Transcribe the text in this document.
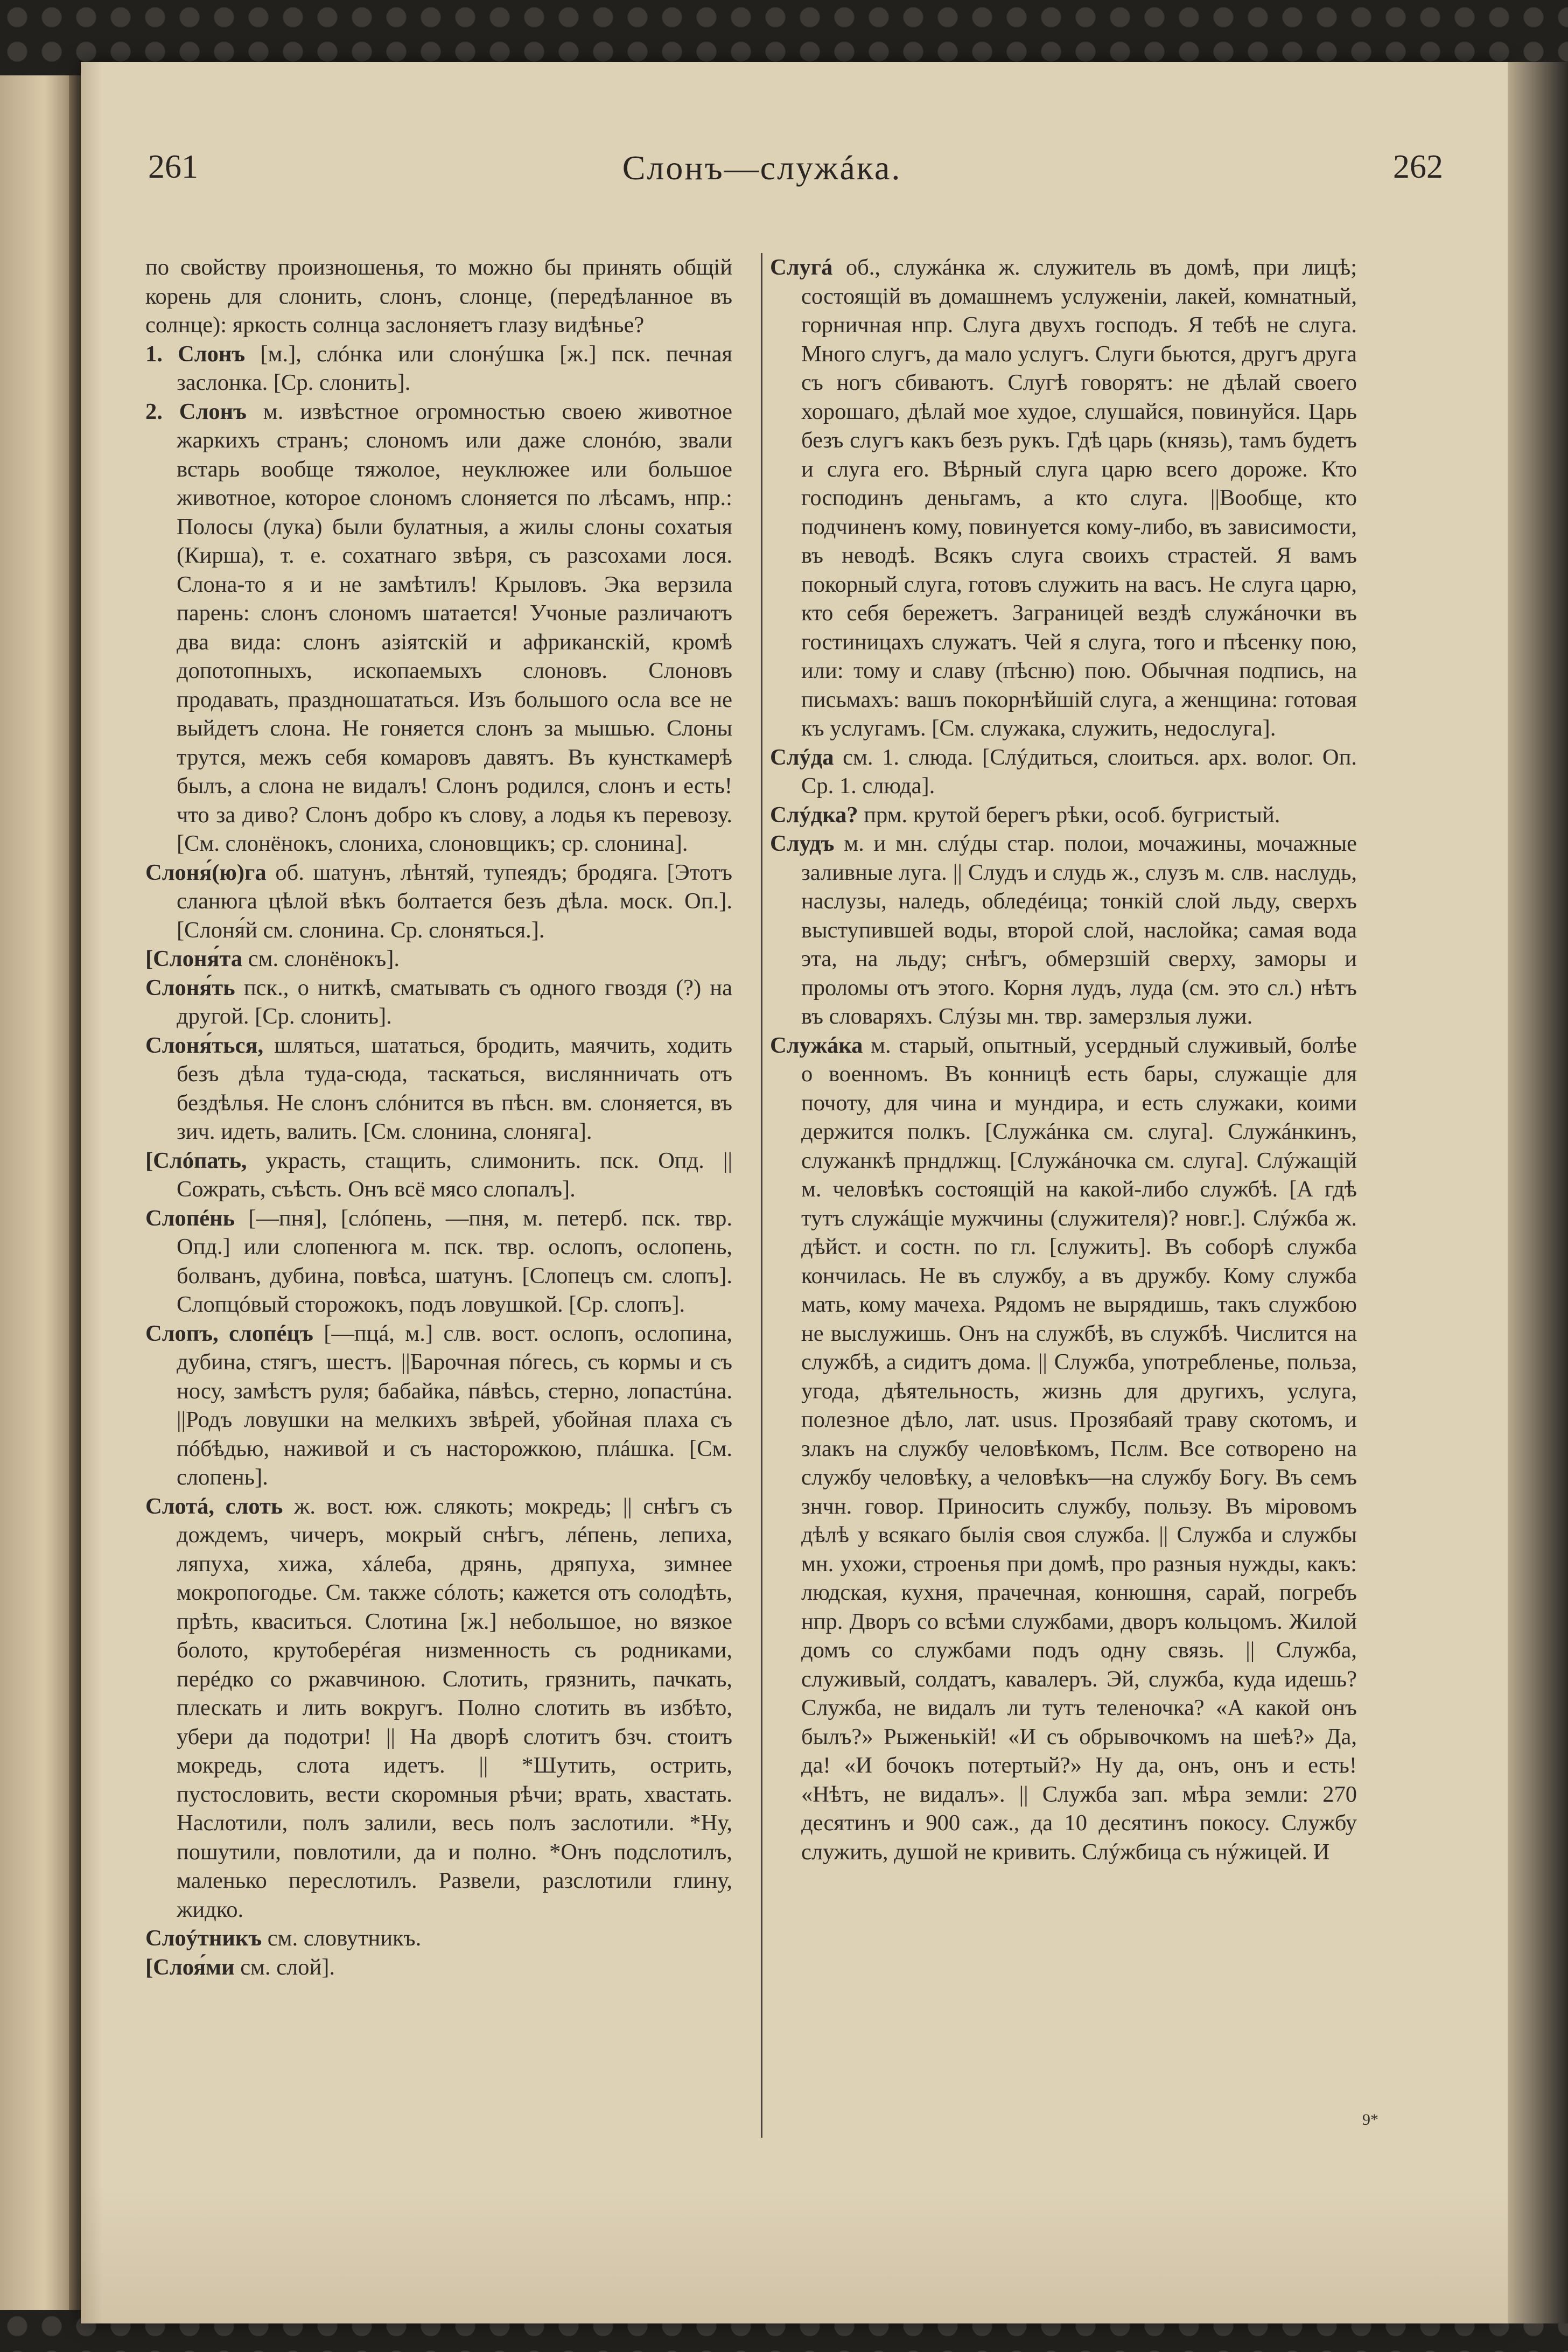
261	Слонъ—служáка.	262
по свойству произношенья, то можно бы принять общій корень для слонить, слонъ, слонце, (передѣланное въ солнце): яркость солнца заслоняетъ глазу видѣнье?
1. Слонъ [м.], слóнка или слонýшка [ж.] пск. печная заслонка. [Ср. слонить].
2. Слонъ м. извѣстное огромностью своею животное жаркихъ странъ; слономъ или даже слонóю, звали встарь вообще тяжолое, неуклюжее или большое животное, которое слономъ слоняется по лѣсамъ, нпр.: Полосы (лука) были булатныя, а жилы слоны сохатыя (Кирша), т. е. сохатнаго звѣря, съ разсохами лося. Слона-то я и не замѣтилъ! Крыловъ. Эка верзила парень: слонъ слономъ шатается! Учоные различаютъ два вида: слонъ азіятскій и африканскій, кромѣ допотопныхъ, ископаемыхъ слоновъ. Слоновъ продавать, праздношататься. Изъ большого осла все не выйдетъ слона. Не гоняется слонъ за мышью. Слоны трутся, межъ себя комаровъ давятъ. Въ кунсткамерѣ былъ, а слона не видалъ! Слонъ родился, слонъ и есть! что за диво? Слонъ добро къ слову, а лодья къ перевозу. [См. слонёнокъ, слониха, слоновщикъ; ср. слонина].
Слоня́(ю)га об. шатунъ, лѣнтяй, тупеядъ; бродяга. [Этотъ сланюга цѣлой вѣкъ болтается безъ дѣла. моск. Оп.]. [Слоня́й см. слонина. Ср. слоняться.].
[Слоня́та см. слонёнокъ].
Слоня́ть пск., о ниткѣ, сматывать съ одного гвоздя (?) на другой. [Ср. слонить].
Слоня́ться, шляться, шататься, бродить, маячить, ходить безъ дѣла туда-сюда, таскаться, вислянничать отъ бездѣлья. Не слонъ слóнится въ пѣсн. вм. слоняется, въ зич. идеть, валить. [См. слонина, слоняга].
[Слóпать, украсть, стащить, слимонить. пск. Опд. ||Сожрать, съѣсть. Онъ всё мясо слопалъ].
Слопéнь [—пня], [слóпень, —пня, м. петерб. пск. твр. Опд.] или слопенюга м. пск. твр. ослопъ, ослопень, болванъ, дубина, повѣса, шатунъ. [Слопецъ см. слопъ]. Слопцóвый сторожокъ, подъ ловушкой. [Ср. слопъ].
Слопъ, слопéцъ [—пцá, м.] слв. вост. ослопъ, ослопина, дубина, стягъ, шестъ. ||Барочная пóгесь, съ кормы и съ носу, замѣстъ руля; бабайка, пáвѣсь, стерно, лопастúна. ||Родъ ловушки на мелкихъ звѣрей, убойная плаха съ пóбѣдью, наживой и съ насторожкою, плáшка. [См. слопень].
Слотá, слоть ж. вост. юж. слякоть; мокредь; || снѣгъ съ дождемъ, чичеръ, мокрый снѣгъ, лéпень, лепиха, ляпуха, хижа, хáлеба, дрянь, дряпуха, зимнее мокропогодье. См. также сóлоть; кажется отъ солодѣть, прѣть, кваситься. Слотина [ж.] небольшое, но вязкое болото, крутоберéгая низменность съ родниками, перéдко со ржавчиною. Слотить, грязнить, пачкать, плескать и лить вокругъ. Полно слотить въ избѣто, убери да подотри! || На дворѣ слотитъ бзч. стоитъ мокредь, слота идетъ. || *Шутить, острить, пустословить, вести скоромныя рѣчи; врать, хвастать. Наслотили, полъ залили, весь полъ заслотили. *Ну, пошутили, повлотили, да и полно. *Онъ подслотилъ, маленько переслотилъ. Развели, разслотили глину, жидко.
Слоýтникъ см. словутникъ.
[Слоя́ми см. слой].
Слугá об., служáнка ж. служитель въ домѣ, при лицѣ; состоящій въ домашнемъ услуженіи, лакей, комнатный, горничная нпр. Слуга двухъ господъ. Я тебѣ не слуга. Много слугъ, да мало услугъ. Слуги бьются, другъ друга съ ногъ сбиваютъ. Слугѣ говорятъ: не дѣлай своего хорошаго, дѣлай мое худое, слушайся, повинуйся. Царь безъ слугъ какъ безъ рукъ. Гдѣ царь (князь), тамъ будетъ и слуга его. Вѣрный слуга царю всего дороже. Кто господинъ деньгамъ, а кто слуга. ||Вообще, кто подчиненъ кому, повинуется кому-либо, въ зависимости, въ неводѣ. Всякъ слуга своихъ страстей. Я вамъ покорный слуга, готовъ служить на васъ. Не слуга царю, кто себя бережетъ. Заграницей вездѣ служáночки въ гостиницахъ служатъ. Чей я слуга, того и пѣсенку пою, или: тому и славу (пѣсню) пою. Обычная подпись, на письмахъ: вашъ покорнѣйшій слуга, а женщина: готовая къ услугамъ. [См. служака, служить, недослуга].
Слýда см. 1. слюда. [Слýдиться, слоиться. арх. волог. Оп. Ср. 1. слюда].
Слýдка? прм. крутой берегъ рѣки, особ. бугристый.
Слудъ м. и мн. слýды стар. полои, мочажины, мочажные заливные луга. || Слудъ и слудь ж., слузъ м. слв. наслудь, наслузы, наледь, обледéица; тонкій слой льду, сверхъ выступившей воды, второй слой, наслойка; самая вода эта, на льду; снѣгъ, обмерзшій сверху, заморы и проломы отъ этого. Корня лудъ, луда (см. это сл.) нѣтъ въ словаряхъ. Слýзы мн. твр. замерзлыя лужи.
Служáка м. старый, опытный, усердный служивый, болѣе о военномъ. Въ конницѣ есть бары, служащіе для почоту, для чина и мундира, и есть служаки, коими держится полкъ. [Служáнка см. слуга]. Служáнкинъ, служанкѣ прндлжщ. [Служáночка см. слуга]. Слýжащій м. человѣкъ состоящій на какой-либо службѣ. [А гдѣ тутъ служáщіе мужчины (служителя)? новг.]. Слýжба ж. дѣйст. и состн. по гл. [служить]. Въ соборѣ служба кончилась. Не въ службу, а въ дружбу. Кому служба мать, кому мачеха. Рядомъ не вырядишь, такъ службою не выслужишь. Онъ на службѣ, въ службѣ. Числится на службѣ, а сидитъ дома. || Служба, употребленье, польза, угода, дѣятельность, жизнь для другихъ, услуга, полезное дѣло, лат. usus. Прозябаяй траву скотомъ, и злакъ на службу человѣкомъ, Пслм. Все сотворено на службу человѣку, а человѣкъ—на службу Богу. Въ семъ знчн. говор. Приносить службу, пользу. Въ міровомъ дѣлѣ у всякаго былія своя служба. || Служба и службы мн. ухожи, строенья при домѣ, про разныя нужды, какъ: людская, кухня, прачечная, конюшня, сарай, погребъ нпр. Дворъ со всѣми службами, дворъ кольцомъ. Жилой домъ со службами подъ одну связь. || Служба, служивый, солдатъ, кавалеръ. Эй, служба, куда идешь? Служба, не видалъ ли тутъ теленочка? «А какой онъ былъ?» Рыженькій! «И съ обрывочкомъ на шеѣ?» Да, да! «И бочокъ потертый?» Ну да, онъ, онъ и есть! «Нѣтъ, не видалъ». || Служба зап. мѣра земли: 270 десятинъ и 900 саж., да 10 десятинъ покосу. Службу служить, душой не кривить. Слýжбица съ нýжицей. И
9*
